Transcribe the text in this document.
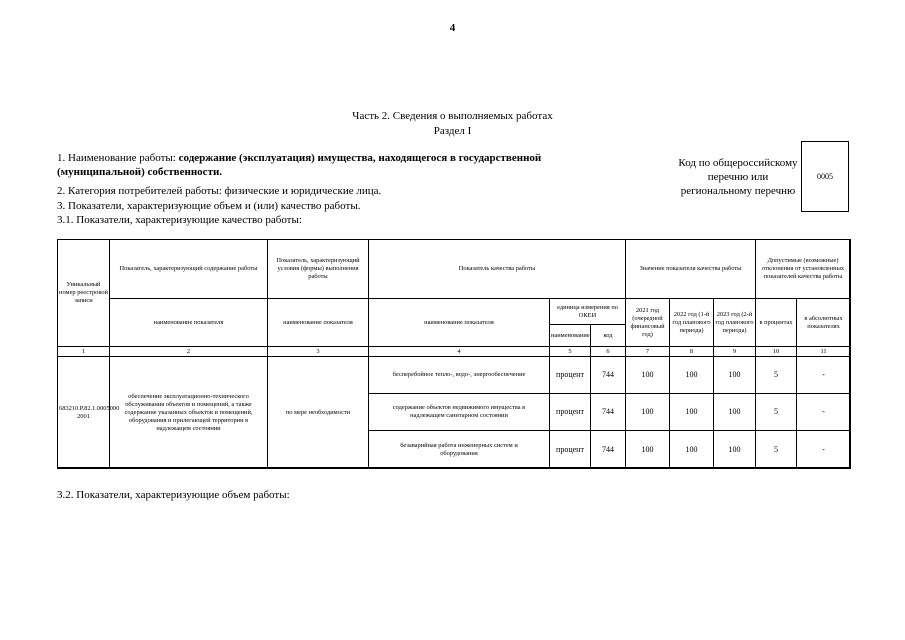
4
Часть 2. Сведения о выполняемых работах
Раздел I
1. Наименование работы: содержание (эксплуатация) имущества, находящегося в государственной
(муниципальной) собственности.
2. Категория потребителей работы: физические и юридические лица.
3. Показатели, характеризующие объем и (или) качество работы.
3.1. Показатели, характеризующие качество работы:
Код по общероссийскому
перечню или
региональному перечню
0005
Уникальный номер реестровой записи	Показатель, характеризующий содержание работы	Показатель, характеризующий условия (формы) выполнения работы	Показатель качества работы			Значение показателя качества работы			Допустимые (возможные) отклонения от установленных показателей качества работы	
	наименование показателя	наименование показателя	наименование показателя	единица измерения по ОКЕИ		2021 год (очередной финансовый год)	2022 год (1-й год планового периода)	2023 год (2-й год планового периода)	в процентах	в абсолютных показателях
				наименование	код					
1	2	3	4	5	6	7	8	9	10	11
683210.Р.82.1.0005000 2001	обеспечение эксплуатационно-технического обслуживания объектов и помещений, а также содержание указанных объектов и помещений, оборудования и прилегающей территории в надлежащем состоянии	по мере необходимости	бесперебойное тепло-, водо-, энергообеспечение	процент	744	100	100	100	5	-
			содержание объектов недвижимого имущества в надлежащем санитарном состоянии	процент	744	100	100	100	5	-
			безаварийная работа инженерных систем и оборудования	процент	744	100	100	100	5	-
3.2. Показатели, характеризующие объем работы:
